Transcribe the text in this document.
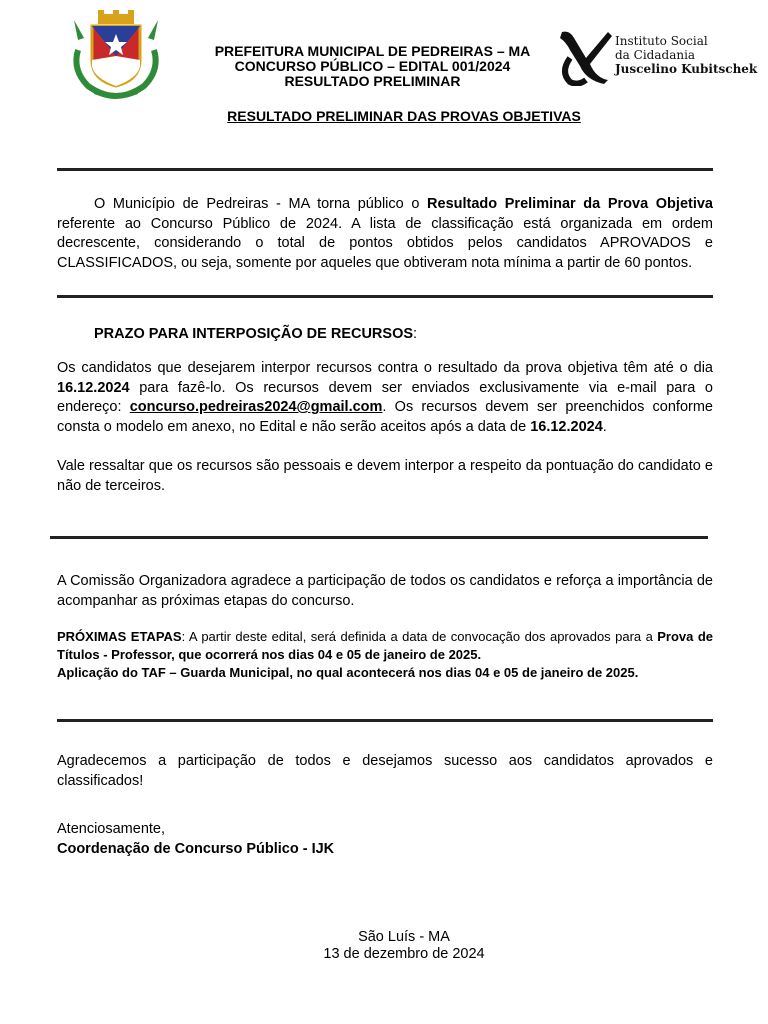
PREFEITURA MUNICIPAL DE PEDREIRAS – MA
CONCURSO PÚBLICO – EDITAL 001/2024
RESULTADO PRELIMINAR
Instituto Social
da Cidadania
Juscelino Kubitschek
RESULTADO PRELIMINAR DAS PROVAS OBJETIVAS
O Município de Pedreiras - MA torna público o Resultado Preliminar da Prova Objetiva referente ao Concurso Público de 2024. A lista de classificação está organizada em ordem decrescente, considerando o total de pontos obtidos pelos candidatos APROVADOS e CLASSIFICADOS, ou seja, somente por aqueles que obtiveram nota mínima a partir de 60 pontos.
PRAZO PARA INTERPOSIÇÃO DE RECURSOS:
Os candidatos que desejarem interpor recursos contra o resultado da prova objetiva têm até o dia 16.12.2024 para fazê-lo. Os recursos devem ser enviados exclusivamente via e-mail para o endereço: concurso.pedreiras2024@gmail.com. Os recursos devem ser preenchidos conforme consta o modelo em anexo, no Edital e não serão aceitos após a data de 16.12.2024.
Vale ressaltar que os recursos são pessoais e devem interpor a respeito da pontuação do candidato e não de terceiros.
A Comissão Organizadora agradece a participação de todos os candidatos e reforça a importância de acompanhar as próximas etapas do concurso.
PRÓXIMAS ETAPAS: A partir deste edital, será definida a data de convocação dos aprovados para a Prova de Títulos - Professor, que ocorrerá nos dias 04 e 05 de janeiro de 2025.
Aplicação do TAF – Guarda Municipal, no qual acontecerá nos dias 04 e 05 de janeiro de 2025.
Agradecemos a participação de todos e desejamos sucesso aos candidatos aprovados e classificados!
Atenciosamente,
Coordenação de Concurso Público - IJK
São Luís - MA
13 de dezembro de 2024
